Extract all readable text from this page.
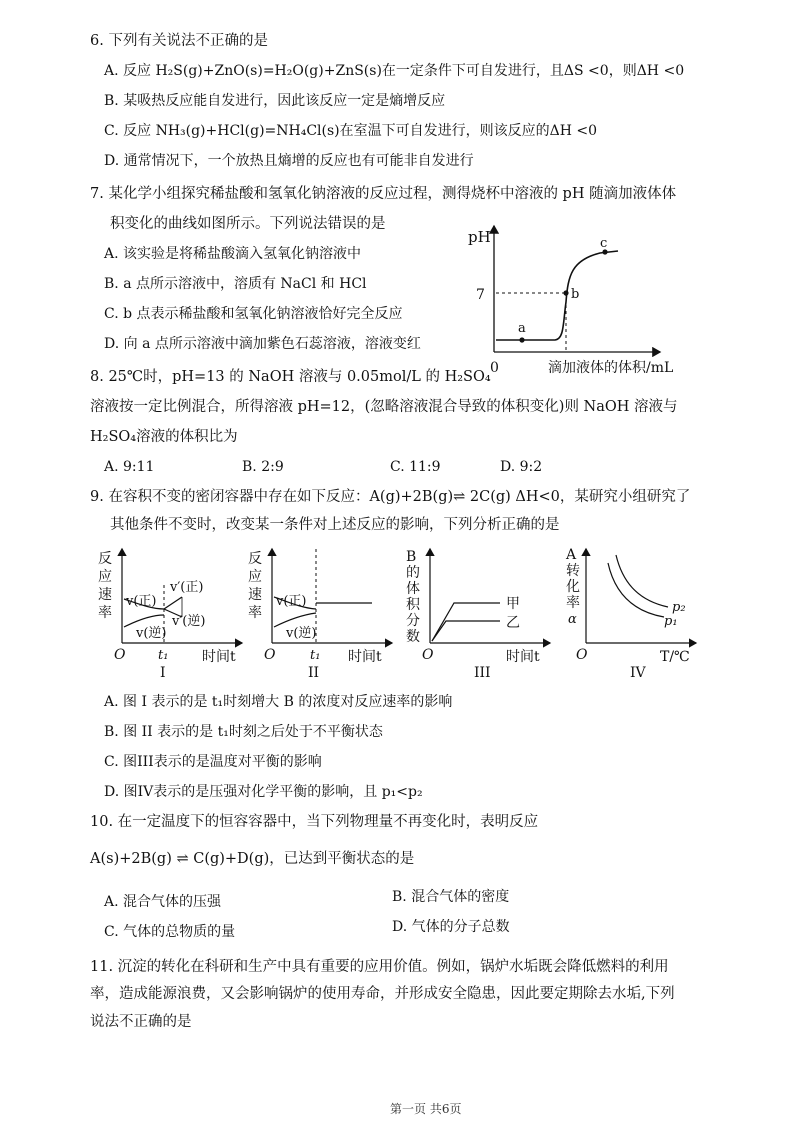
6. 下列有关说法不正确的是
A. 反应 H₂S(g)+ZnO(s)=H₂O(g)+ZnS(s)在一定条件下可自发进行，且ΔS <0，则ΔH <0
B. 某吸热反应能自发进行，因此该反应一定是熵增反应
C. 反应 NH₃(g)+HCl(g)=NH₄Cl(s)在室温下可自发进行，则该反应的ΔH <0
D. 通常情况下，一个放热且熵增的反应也有可能非自发进行
7. 某化学小组探究稀盐酸和氢氧化钠溶液的反应过程，测得烧杯中溶液的 pH 随滴加液体体
积变化的曲线如图所示。下列说法错误的是
A. 该实验是将稀盐酸滴入氢氧化钠溶液中
B. a 点所示溶液中，溶质有 NaCl 和 HCl
C. b 点表示稀盐酸和氢氧化钠溶液恰好完全反应
D. 向 a 点所示溶液中滴加紫色石蕊溶液，溶液变红
pH
7
0	滴加液体的体积/mL
a
b
c
8. 25℃时，pH=13 的 NaOH 溶液与 0.05mol/L 的 H₂SO₄
溶液按一定比例混合，所得溶液 pH=12，(忽略溶液混合导致的体积变化)则 NaOH 溶液与
H₂SO₄溶液的体积比为
A. 9:11	B. 2:9	C. 11:9	D. 9:2
9. 在容积不变的密闭容器中存在如下反应：A(g)+2B(g)⇌ 2C(g) ΔH<0，某研究小组研究了
其他条件不变时，改变某一条件对上述反应的影响，下列分析正确的是
反
应
速
率
v(正)
v(逆)
v′(正)
v′(逆)
O	t₁ 时间t
I
反
应
速
率
v(正)
v(逆)
O	t₁ 时间t
II
B
的
体
积
分
数
甲
乙
O	时间t
III
A
转
化
率
α
p₂
p₁
O	T/℃
IV
A. 图 I 表示的是 t₁时刻增大 B 的浓度对反应速率的影响
B. 图 II 表示的是 t₁时刻之后处于不平衡状态
C. 图III表示的是温度对平衡的影响
D. 图IV表示的是压强对化学平衡的影响，且 p₁<p₂
10. 在一定温度下的恒容容器中，当下列物理量不再变化时，表明反应
A(s)+2B(g) ⇌ C(g)+D(g)，已达到平衡状态的是
A. 混合气体的压强	B. 混合气体的密度
C. 气体的总物质的量	D. 气体的分子总数
11. 沉淀的转化在科研和生产中具有重要的应用价值。例如，锅炉水垢既会降低燃料的利用
率，造成能源浪费，又会影响锅炉的使用寿命，并形成安全隐患，因此要定期除去水垢,下列
说法不正确的是
第一页 共6页
